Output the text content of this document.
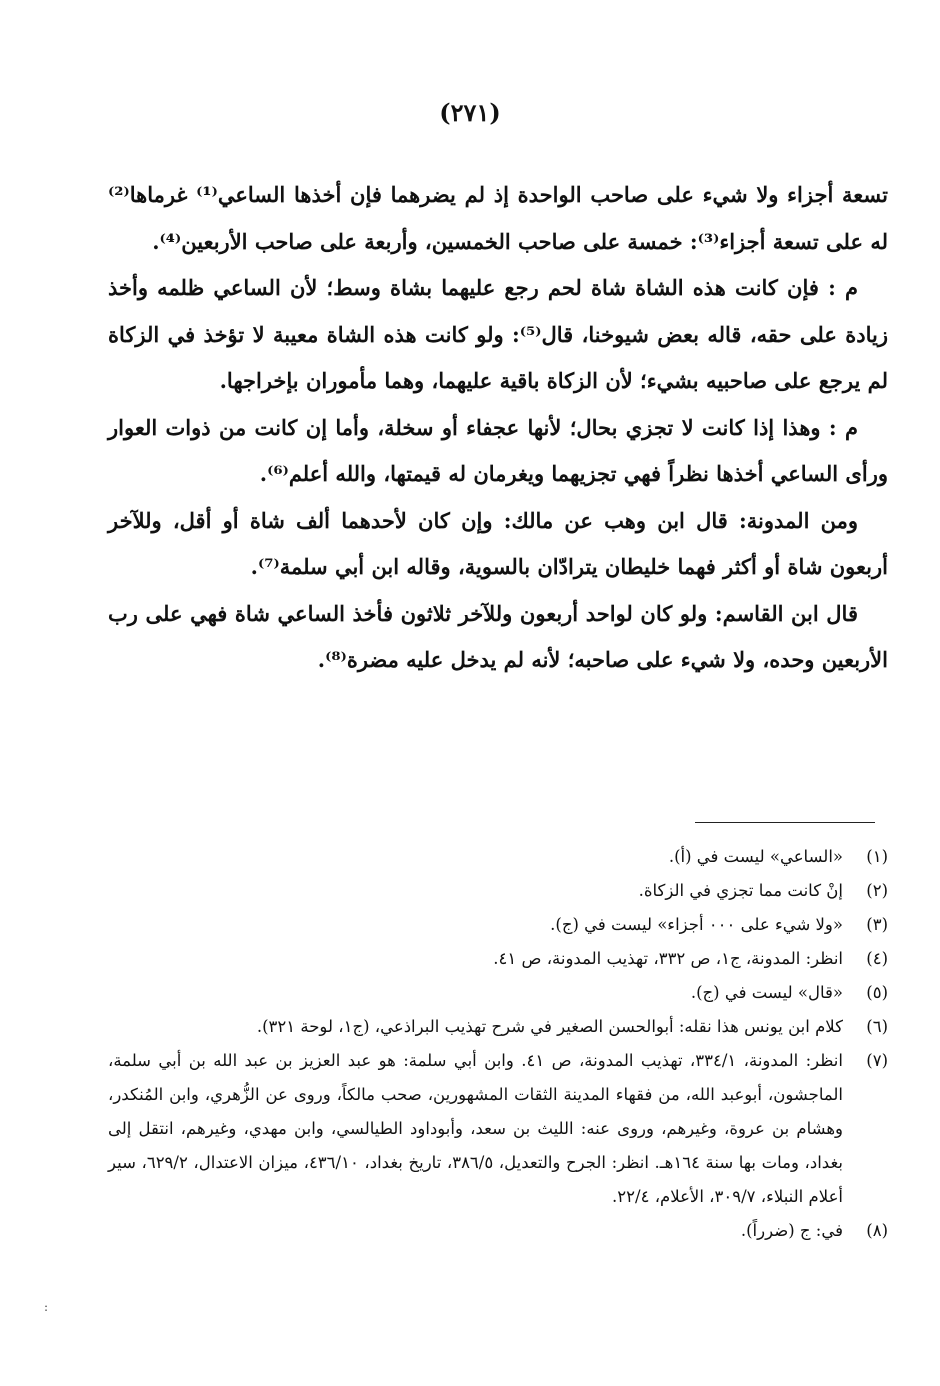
(٢٧١)

تسعة أجزاء ولا شيء على صاحب الواحدة إذ لم يضرهما فإن أخذها الساعي⁽¹⁾ غرماها⁽²⁾ له على تسعة أجزاء⁽³⁾: خمسة على صاحب الخمسين، وأربعة على صاحب الأربعين⁽⁴⁾.

م : فإن كانت هذه الشاة شاة لحم رجع عليهما بشاة وسط؛ لأن الساعي ظلمه وأخذ زيادة على حقه، قاله بعض شيوخنا، قال⁽⁵⁾: ولو كانت هذه الشاة معيبة لا تؤخذ في الزكاة لم يرجع على صاحبيه بشيء؛ لأن الزكاة باقية عليهما، وهما مأموران بإخراجها.

م : وهذا إذا كانت لا تجزي بحال؛ لأنها عجفاء أو سخلة، وأما إن كانت من ذوات العوار ورأى الساعي أخذها نظراً فهي تجزيهما ويغرمان له قيمتها، والله أعلم⁽⁶⁾.

ومن المدونة: قال ابن وهب عن مالك: وإن كان لأحدهما ألف شاة أو أقل، وللآخر أربعون شاة أو أكثر فهما خليطان يترادّان بالسوية، وقاله ابن أبي سلمة⁽⁷⁾.

قال ابن القاسم: ولو كان لواحد أربعون وللآخر ثلاثون فأخذ الساعي شاة فهي على رب الأربعين وحده، ولا شيء على صاحبه؛ لأنه لم يدخل عليه مضرة⁽⁸⁾.

(١)
«الساعي» ليست في (أ).
(٢)
إنْ كانت مما تجزي في الزكاة.
(٣)
«ولا شيء على ٠٠٠ أجزاء» ليست في (ج).
(٤)
انظر: المدونة، ج١، ص ٣٣٢، تهذيب المدونة، ص ٤١.
(٥)
«قال» ليست في (ج).
(٦)
كلام ابن يونس هذا نقله: أبوالحسن الصغير في شرح تهذيب البراذعي، (ج١، لوحة ٣٢١).
(٧)
انظر: المدونة، ٣٣٤/١، تهذيب المدونة، ص ٤١. وابن أبي سلمة: هو عبد العزيز بن عبد الله بن أبي سلمة، الماجشون، أبوعبد الله، من فقهاء المدينة الثقات المشهورين، صحب مالكاً، وروى عن الزُّهري، وابن المُنكدر، وهشام بن عروة، وغيرهم، وروى عنه: الليث بن سعد، وأبوداود الطيالسي، وابن مهدي، وغيرهم، انتقل إلى بغداد، ومات بها سنة ١٦٤هـ. انظر: الجرح والتعديل، ٣٨٦/٥، تاريخ بغداد، ٤٣٦/١٠، ميزان الاعتدال، ٦٢٩/٢، سير أعلام النبلاء، ٣٠٩/٧، الأعلام، ٢٢/٤.
(٨)
في: ج (ضرراً).
:
